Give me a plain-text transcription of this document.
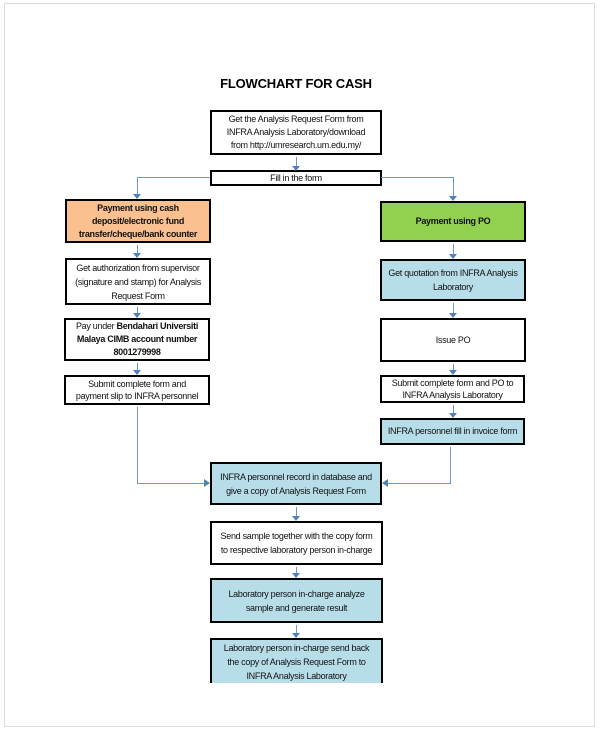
FLOWCHART FOR CASH
Get the Analysis Request Form from
INFRA Analysis Laboratory/download
from http://umresearch.um.edu.my/
Fill in the form
Payment using cash
deposit/electronic fund
transfer/cheque/bank counter
Get authorization from supervisor
(signature and stamp) for Analysis
Request Form
Pay under Bendahari Universiti
Malaya CIMB account number
8001279998
Submit complete form and
payment slip to INFRA personnel
Payment using PO
Get quotation from INFRA Analysis
Laboratory
Issue PO
Submit complete form and PO to
INFRA Analysis Laboratory
INFRA personnel fill in invoice form
INFRA personnel record in database and
give a copy of Analysis Request Form
Send sample together with the copy form
to respective laboratory person in-charge
Laboratory person in-charge analyze
sample and generate result
Laboratory person in-charge send back
the copy of Analysis Request Form to
INFRA Analysis Laboratory
